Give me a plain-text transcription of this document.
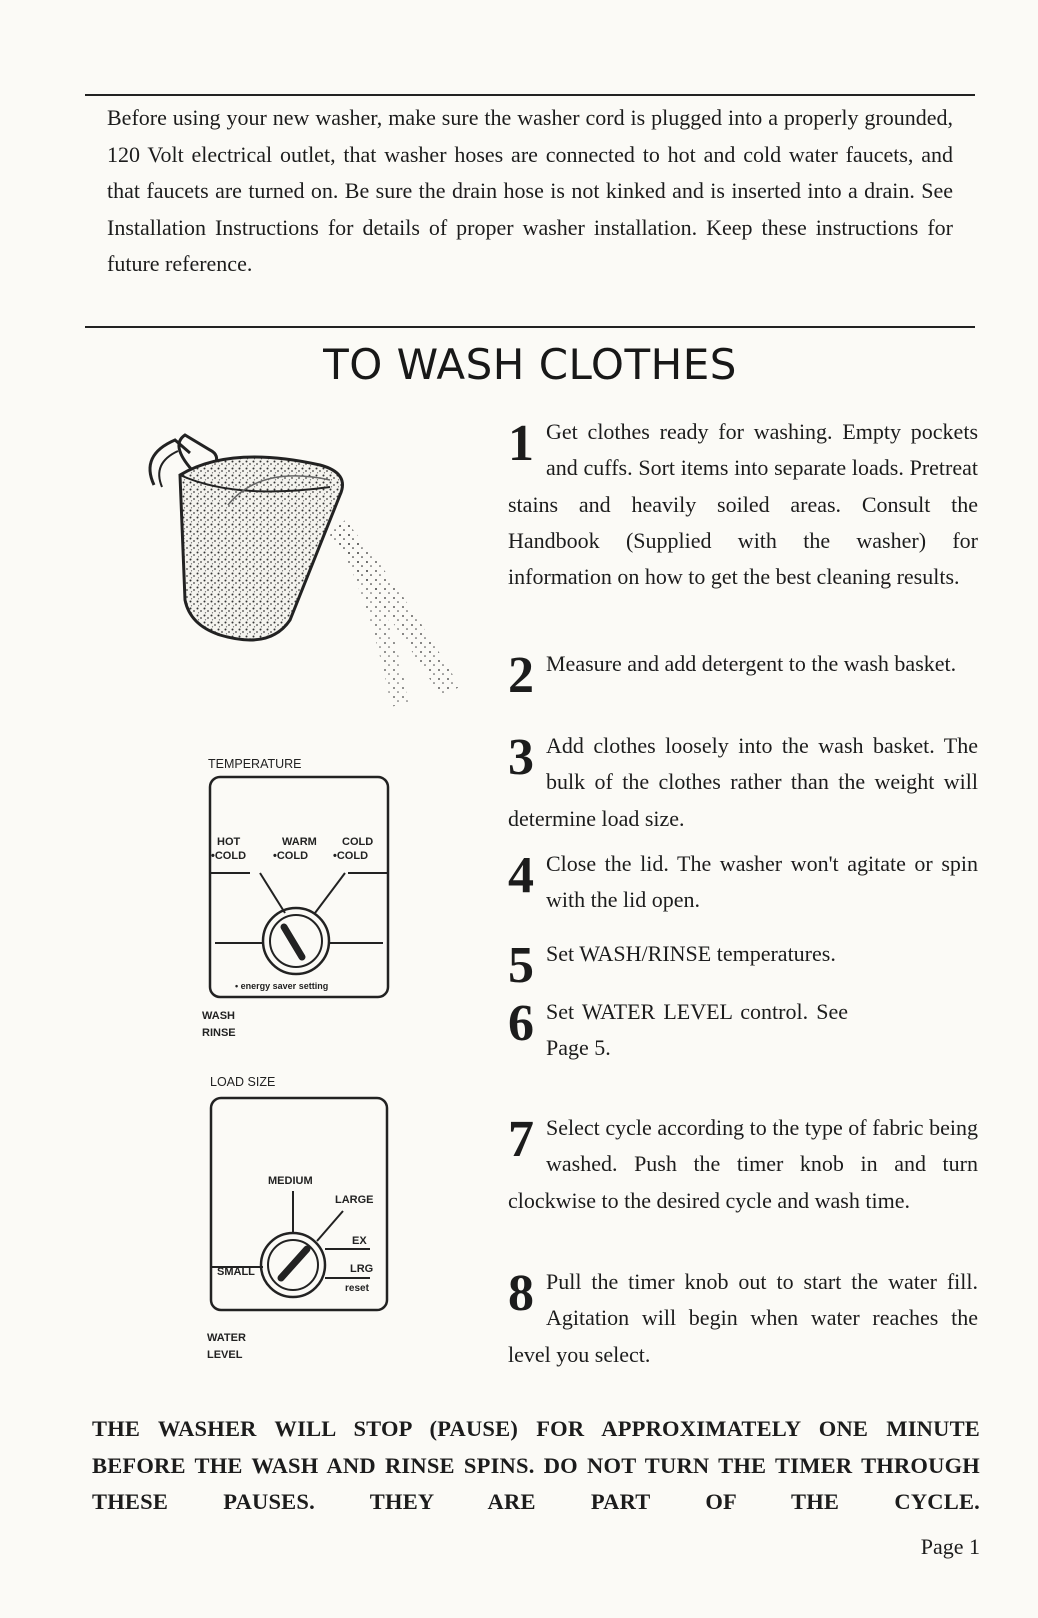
Before using your new washer, make sure the washer cord is plugged into a properly grounded, 120 Volt electrical outlet, that washer hoses are connected to hot and cold water faucets, and that faucets are turned on. Be sure the drain hose is not kinked and is inserted into a drain. See Installation Instructions for details of proper washer installation. Keep these instructions for future reference.

TO WASH CLOTHES
TEMPERATURE
HOT
•COLD
WARM
•COLD
COLD
•COLD
• energy saver setting
WASH
RINSE
LOAD SIZE
MEDIUM
LARGE
EX
LRG
SMALL
reset
WATER
LEVEL

1 Get clothes ready for washing. Empty pockets and cuffs. Sort items into separate loads. Pretreat stains and heavily soiled areas. Consult the Handbook (Supplied with the washer) for information on how to get the best cleaning results.

2 Measure and add detergent to the wash basket.

3 Add clothes loosely into the wash basket. The bulk of the clothes rather than the weight will determine load size.

4 Close the lid. The washer won't agitate or spin with the lid open.

5 Set WASH/RINSE temperatures.

6 Set WATER LEVEL control. See Page 5.

7 Select cycle according to the type of fabric being washed. Push the timer knob in and turn clockwise to the desired cycle and wash time.

8 Pull the timer knob out to start the water fill. Agitation will begin when water reaches the level you select.

THE WASHER WILL STOP (PAUSE) FOR APPROXIMATELY ONE MINUTE BEFORE THE WASH AND RINSE SPINS. DO NOT TURN THE TIMER THROUGH THESE PAUSES. THEY ARE PART OF THE CYCLE.

Page 1
